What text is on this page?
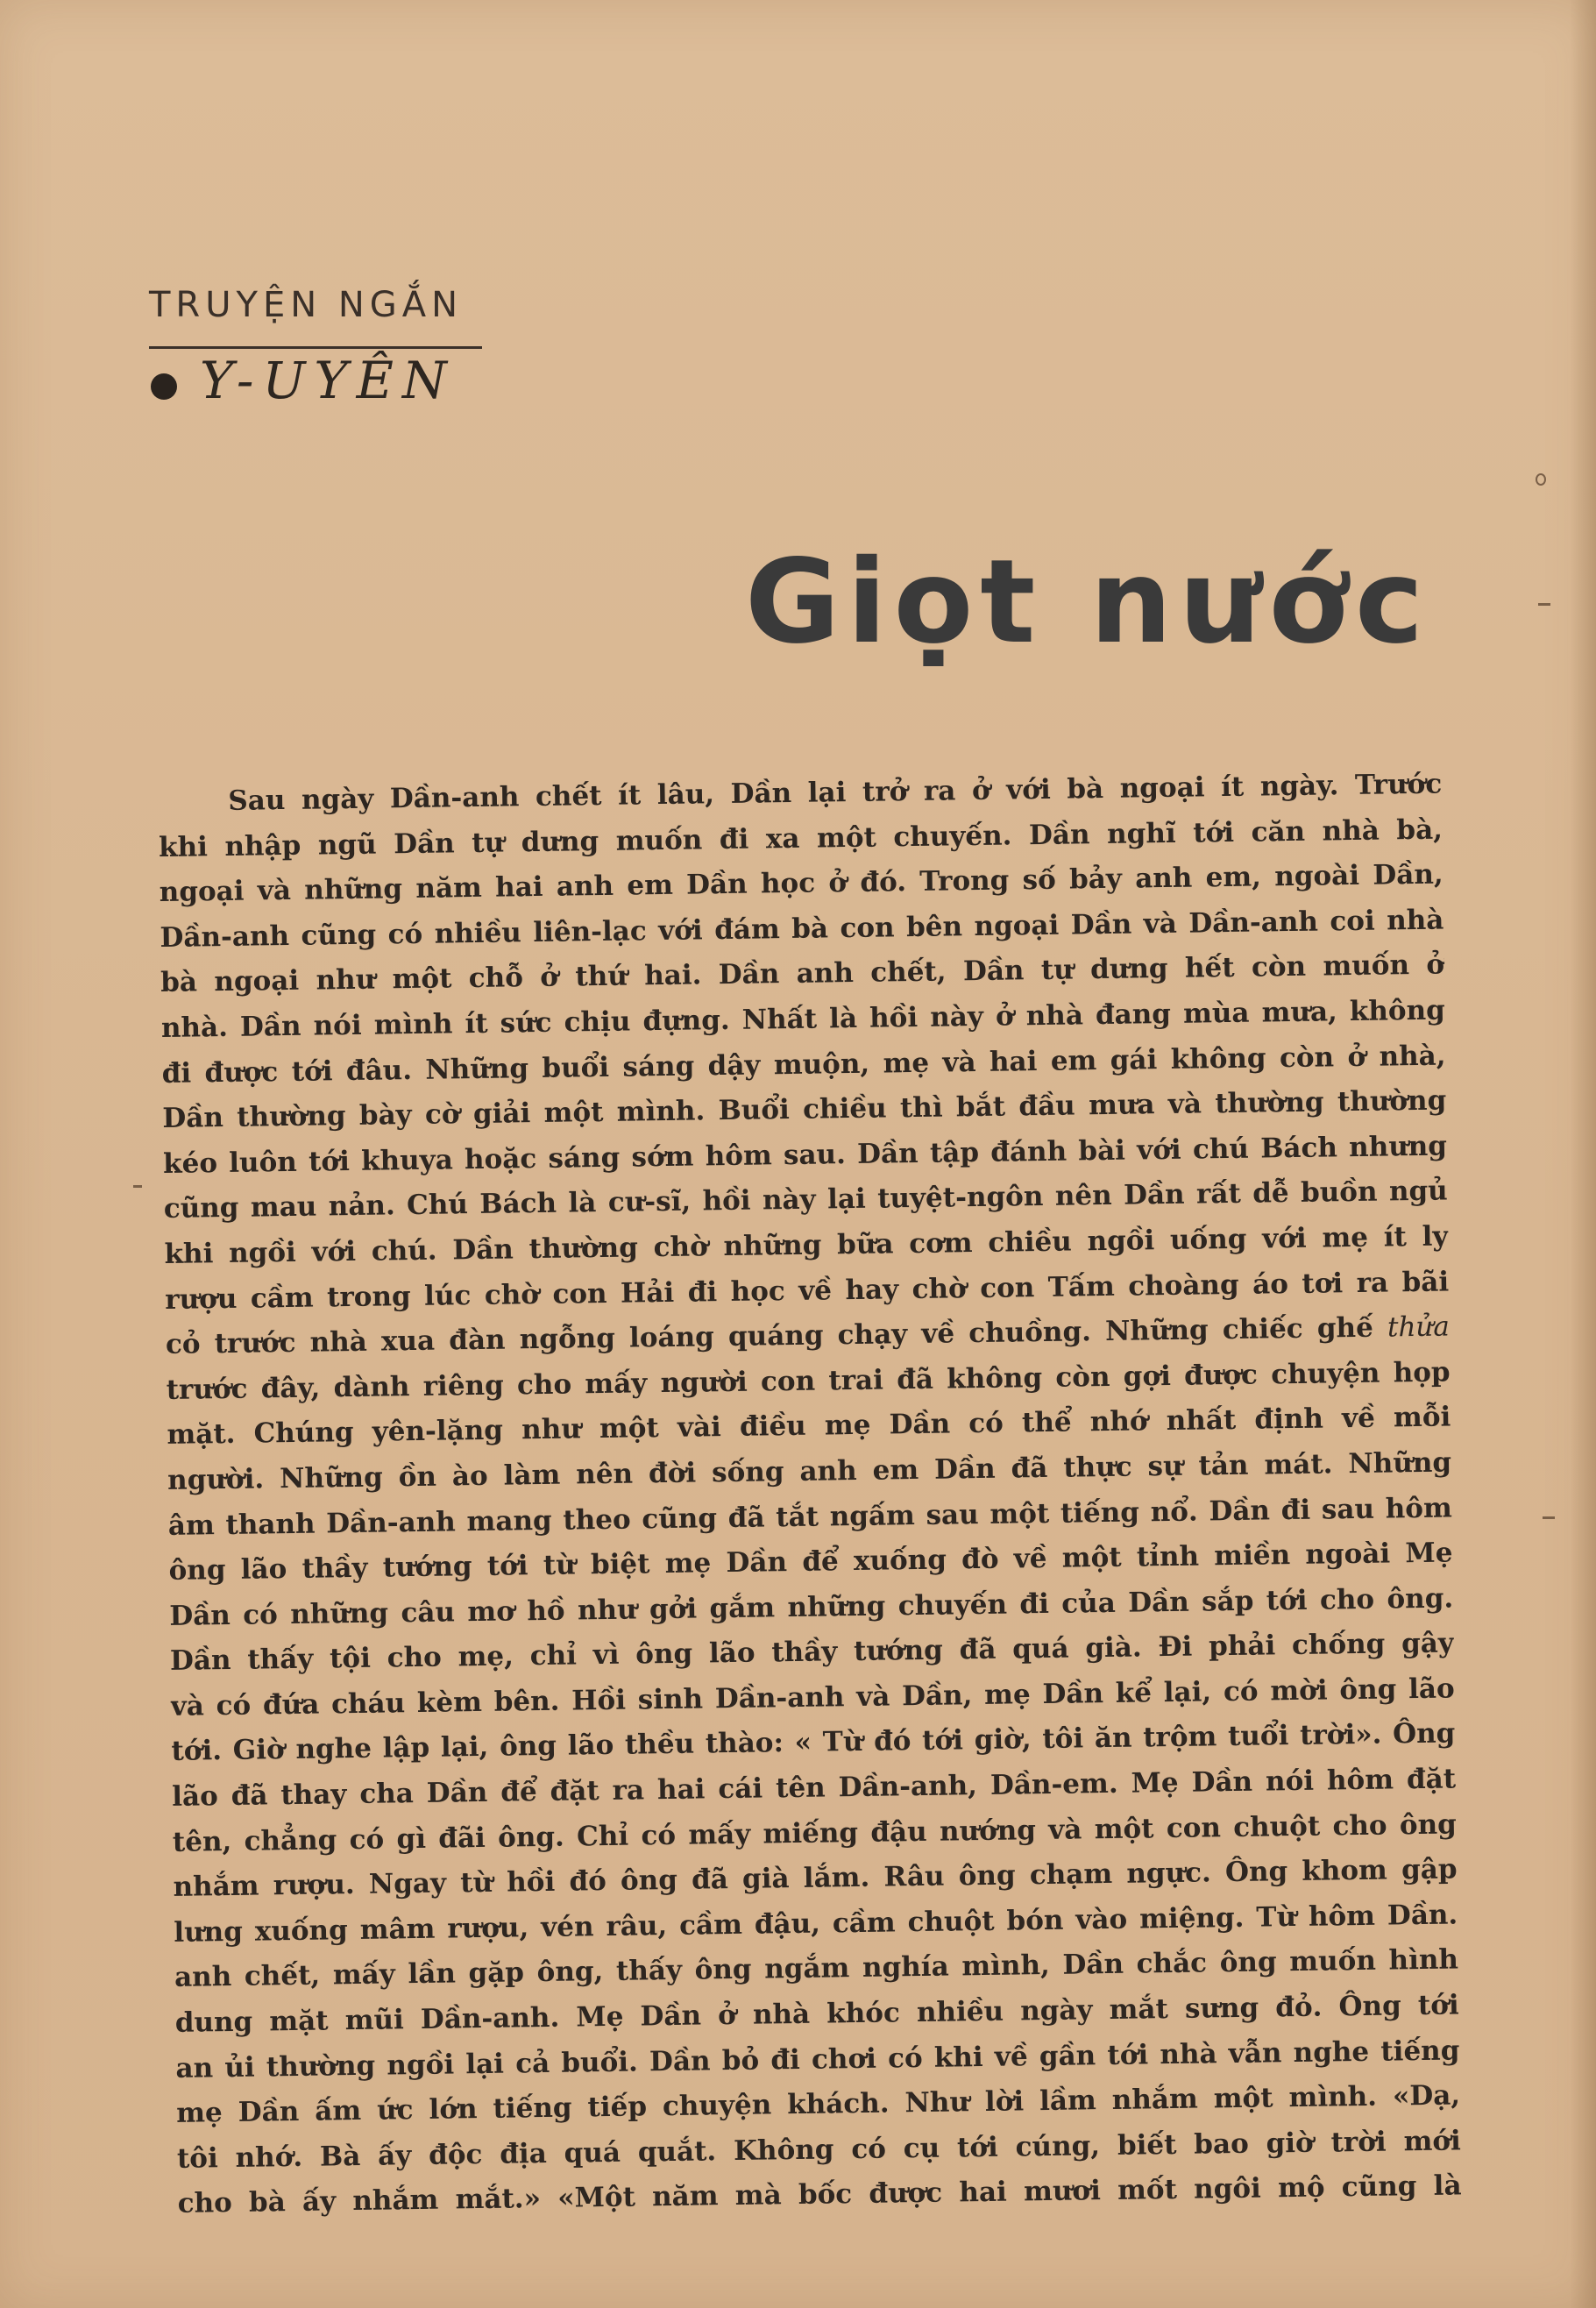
TRUYỆN NGẮN
Y-UYÊN
Giọt nước
Sau ngày Dần-anh chết ít lâu, Dần lại trở ra ở với bà ngoại ít ngày. Trước
khi nhập ngũ Dần tự dưng muốn đi xa một chuyến. Dần nghĩ tới căn nhà bà,
ngoại và những năm hai anh em Dần học ở đó. Trong số bảy anh em, ngoài Dần,
Dần-anh cũng có nhiều liên-lạc với đám bà con bên ngoại Dần và Dần-anh coi nhà
bà ngoại như một chỗ ở thứ hai. Dần anh chết, Dần tự dưng hết còn muốn ở
nhà. Dần nói mình ít sức chịu đựng. Nhất là hồi này ở nhà đang mùa mưa, không
đi được tới đâu. Những buổi sáng dậy muộn, mẹ và hai em gái không còn ở nhà,
Dần thường bày cờ giải một mình. Buổi chiều thì bắt đầu mưa và thường thường
kéo luôn tới khuya hoặc sáng sớm hôm sau. Dần tập đánh bài với chú Bách nhưng
cũng mau nản. Chú Bách là cư-sĩ, hồi này lại tuyệt-ngôn nên Dần rất dễ buồn ngủ
khi ngồi với chú. Dần thường chờ những bữa cơm chiều ngồi uống với mẹ ít ly
rượu cầm trong lúc chờ con Hải đi học về hay chờ con Tấm choàng áo tơi ra bãi
cỏ trước nhà xua đàn ngỗng loáng quáng chạy về chuồng. Những chiếc ghế thửa
trước đây, dành riêng cho mấy người con trai đã không còn gợi được chuyện họp
mặt. Chúng yên-lặng như một vài điều mẹ Dần có thể nhớ nhất định về mỗi
người. Những ồn ào làm nên đời sống anh em Dần đã thực sự tản mát. Những
âm thanh Dần-anh mang theo cũng đã tắt ngấm sau một tiếng nổ. Dần đi sau hôm
ông lão thầy tướng tới từ biệt mẹ Dần để xuống đò về một tỉnh miền ngoài Mẹ
Dần có những câu mơ hồ như gởi gắm những chuyến đi của Dần sắp tới cho ông.
Dần thấy tội cho mẹ, chỉ vì ông lão thầy tướng đã quá già. Đi phải chống gậy
và có đứa cháu kèm bên. Hồi sinh Dần-anh và Dần, mẹ Dần kể lại, có mời ông lão
tới. Giờ nghe lập lại, ông lão thều thào: « Từ đó tới giờ, tôi ăn trộm tuổi trời». Ông
lão đã thay cha Dần để đặt ra hai cái tên Dần-anh, Dần-em. Mẹ Dần nói hôm đặt
tên, chẳng có gì đãi ông. Chỉ có mấy miếng đậu nướng và một con chuột cho ông
nhắm rượu. Ngay từ hồi đó ông đã già lắm. Râu ông chạm ngực. Ông khom gập
lưng xuống mâm rượu, vén râu, cầm đậu, cầm chuột bón vào miệng. Từ hôm Dần.
anh chết, mấy lần gặp ông, thấy ông ngắm nghía mình, Dần chắc ông muốn hình
dung mặt mũi Dần-anh. Mẹ Dần ở nhà khóc nhiều ngày mắt sưng đỏ. Ông tới
an ủi thường ngồi lại cả buổi. Dần bỏ đi chơi có khi về gần tới nhà vẫn nghe tiếng
mẹ Dần ấm ức lớn tiếng tiếp chuyện khách. Như lời lầm nhắm một mình. «Dạ,
tôi nhớ. Bà ấy độc địa quá quắt. Không có cụ tới cúng, biết bao giờ trời mới
cho bà ấy nhắm mắt.» «Một năm mà bốc được hai mươi mốt ngôi mộ cũng là
